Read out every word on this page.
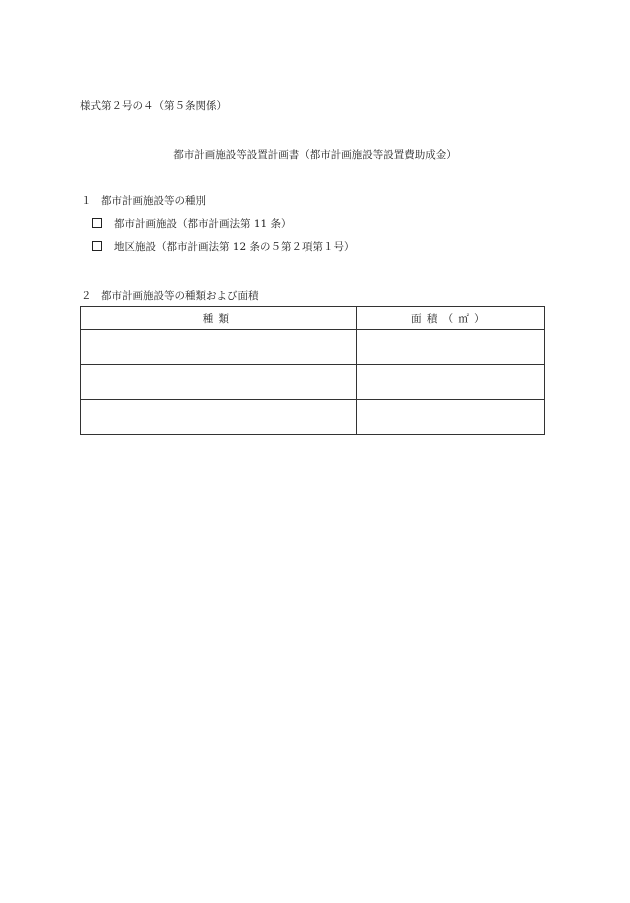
様式第２号の４（第５条関係）
都市計画施設等設置計画書（都市計画施設等設置費助成金）
１ 都市計画施設等の種別
都市計画施設（都市計画法第 11 条）
地区施設（都市計画法第 12 条の５第２項第１号）
２ 都市計画施設等の種類および面積
種類	面積（㎡）
